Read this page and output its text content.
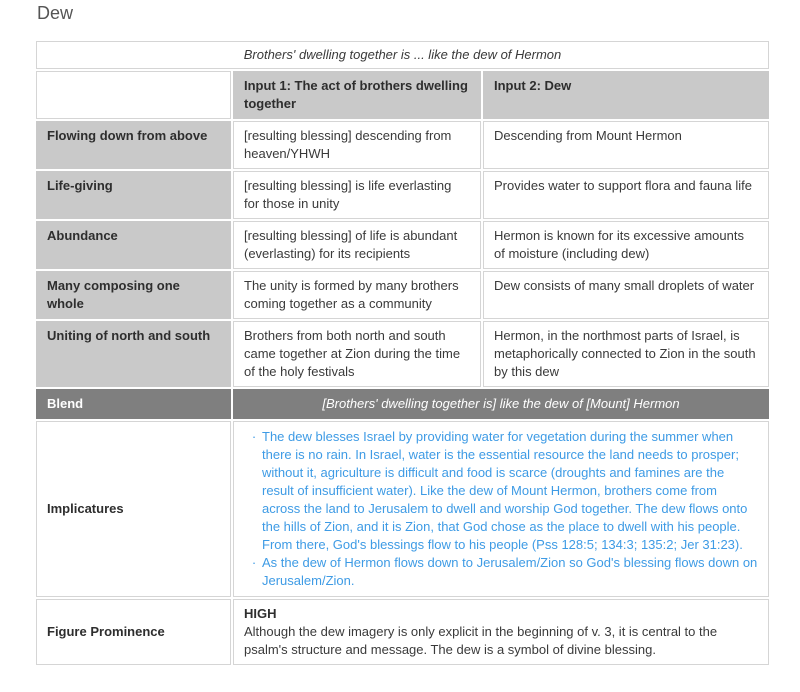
Dew
Brothers' dwelling together is ... like the dew of Hermon		
	Input 1: The act of brothers dwelling together	Input 2: Dew
Flowing down from above	[resulting blessing] descending from heaven/YHWH	Descending from Mount Hermon
Life-giving	[resulting blessing] is life everlasting for those in unity	Provides water to support flora and fauna life
Abundance	[resulting blessing] of life is abundant (everlasting) for its recipients	Hermon is known for its excessive amounts of moisture (including dew)
Many composing one whole	The unity is formed by many brothers coming together as a community	Dew consists of many small droplets of water
Uniting of north and south	Brothers from both north and south came together at Zion during the time of the holy festivals	Hermon, in the northmost parts of Israel, is metaphorically connected to Zion in the south by this dew
Blend	[Brothers' dwelling together is] like the dew of [Mount] Hermon	
Implicatures	· The dew blesses Israel by providing water for vegetation during the summer when there is no rain. In Israel, water is the essential resource the land needs to prosper; without it, agriculture is difficult and food is scarce (droughts and famines are the result of insufficient water). Like the dew of Mount Hermon, brothers come from across the land to Jerusalem to dwell and worship God together. The dew flows onto the hills of Zion, and it is Zion, that God chose as the place to dwell with his people. From there, God's blessings flow to his people (Pss 128:5; 134:3; 135:2; Jer 31:23).
· As the dew of Hermon flows down to Jerusalem/Zion so God's blessing flows down on Jerusalem/Zion.	

Figure Prominence	HIGH
Although the dew imagery is only explicit in the beginning of v. 3, it is central to the psalm's structure and message. The dew is a symbol of divine blessing.	
